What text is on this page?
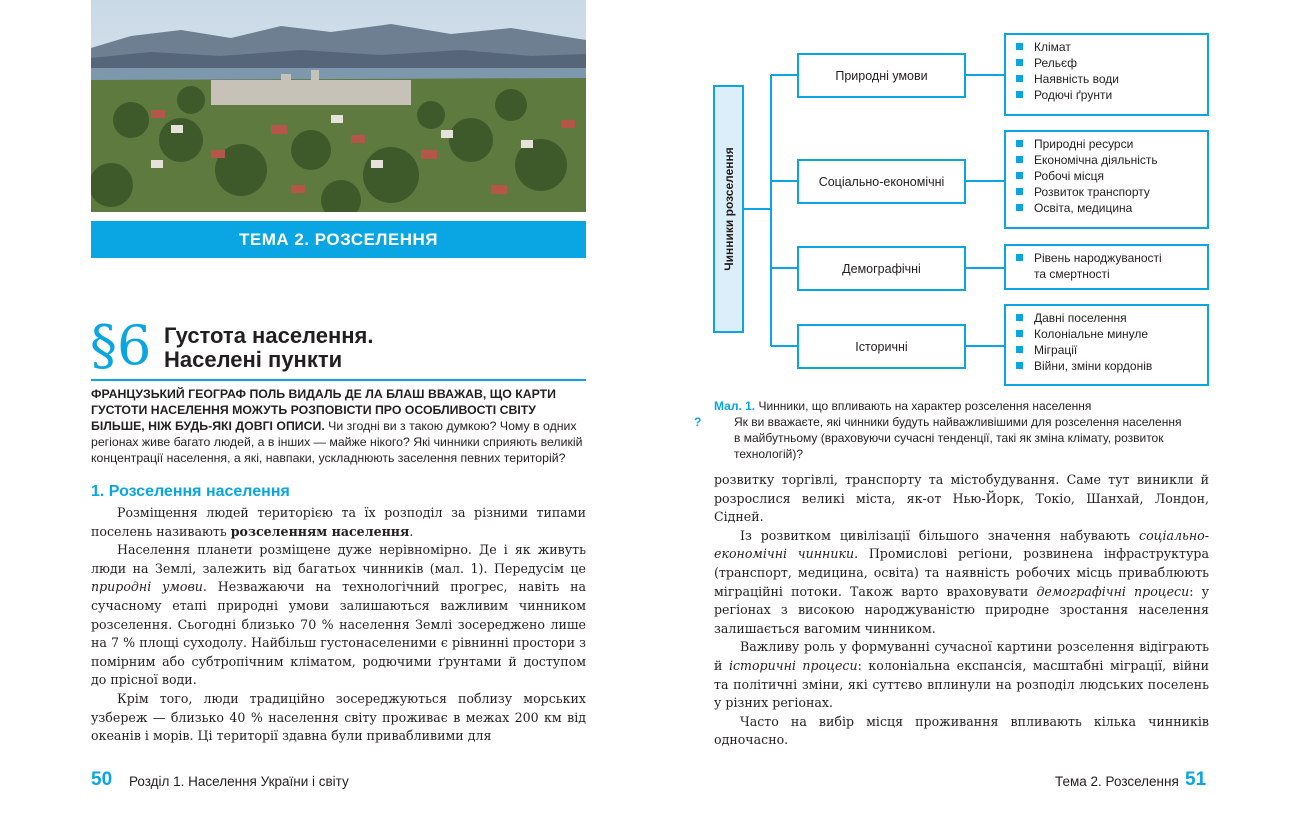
ТЕМА 2. РОЗСЕЛЕННЯ
§6 Густота населення.
Населені пункти
ФРАНЦУЗЬКИЙ ГЕОГРАФ ПОЛЬ ВИДАЛЬ ДЕ ЛА БЛАШ ВВАЖАВ, ЩО КАРТИ ГУСТОТИ НАСЕЛЕННЯ МОЖУТЬ РОЗПОВІСТИ ПРО ОСОБЛИВОСТІ СВІТУ БІЛЬШЕ, НІЖ БУДЬ-ЯКІ ДОВГІ ОПИСИ. Чи згодні ви з такою думкою? Чому в одних регіонах живе багато людей, а в інших — майже нікого? Які чинники сприяють великій концентрації населення, а які, навпаки, ускладнюють заселення певних територій?
1. Розселення населення

Розміщення людей територією та їх розподіл за різними типами поселень називають розселенням населення.

Населення планети розміщене дуже нерівномірно. Де і як живуть люди на Землі, залежить від багатьох чинників (мал. 1). Передусім це природні умови. Незважаючи на технологічний прогрес, навіть на сучасному етапі природні умови залишаються важливим чинником розселення. Сьогодні близько 70 % населення Землі зосереджено лише на 7 % площі суходолу. Найбільш густонаселеними є рівнинні простори з помірним або субтропічним кліматом, родючими ґрунтами й доступом до прісної води.

Крім того, люди традиційно зосереджуються поблизу морських узбереж — близько 40 % населення світу проживає в межах 200 км від океанів і морів. Ці території здавна були привабливими для

50 Розділ 1. Населення України і світу
Чинники розселення
Природні умови
Соціально-економічні
Демографічні
Історичні
Клімат
Рельєф
Наявність води
Родючі ґрунти
Природні ресурси
Економічна діяльність
Робочі місця
Розвиток транспорту
Освіта, медицина
Рівень народжуваності
та смертності
Давні поселення
Колоніальне минуле
Міграції
Війни, зміни кордонів
Мал. 1. Чинники, що впливають на характер розселення населення
?	Як ви вважаєте, які чинники будуть найважливішими для розселення населення в майбутньому (враховуючи сучасні тенденції, такі як зміна клімату, розвиток технологій)?

розвитку торгівлі, транспорту та містобудування. Саме тут виникли й розрослися великі міста, як-от Нью-Йорк, Токіо, Шанхай, Лондон, Сідней.

Із розвитком цивілізації більшого значення набувають соціально-економічні чинники. Промислові регіони, розвинена інфраструктура (транспорт, медицина, освіта) та наявність робочих місць приваблюють міграційні потоки. Також варто враховувати демографічні процеси: у регіонах з високою народжуваністю природне зростання населення залишається вагомим чинником.

Важливу роль у формуванні сучасної картини розселення відіграють й історичні процеси: колоніальна експансія, масштабні міграції, війни та політичні зміни, які суттєво вплинули на розподіл людських поселень у різних регіонах.

Часто на вибір місця проживання впливають кілька чинників одночасно.

Тема 2. Розселення 51
